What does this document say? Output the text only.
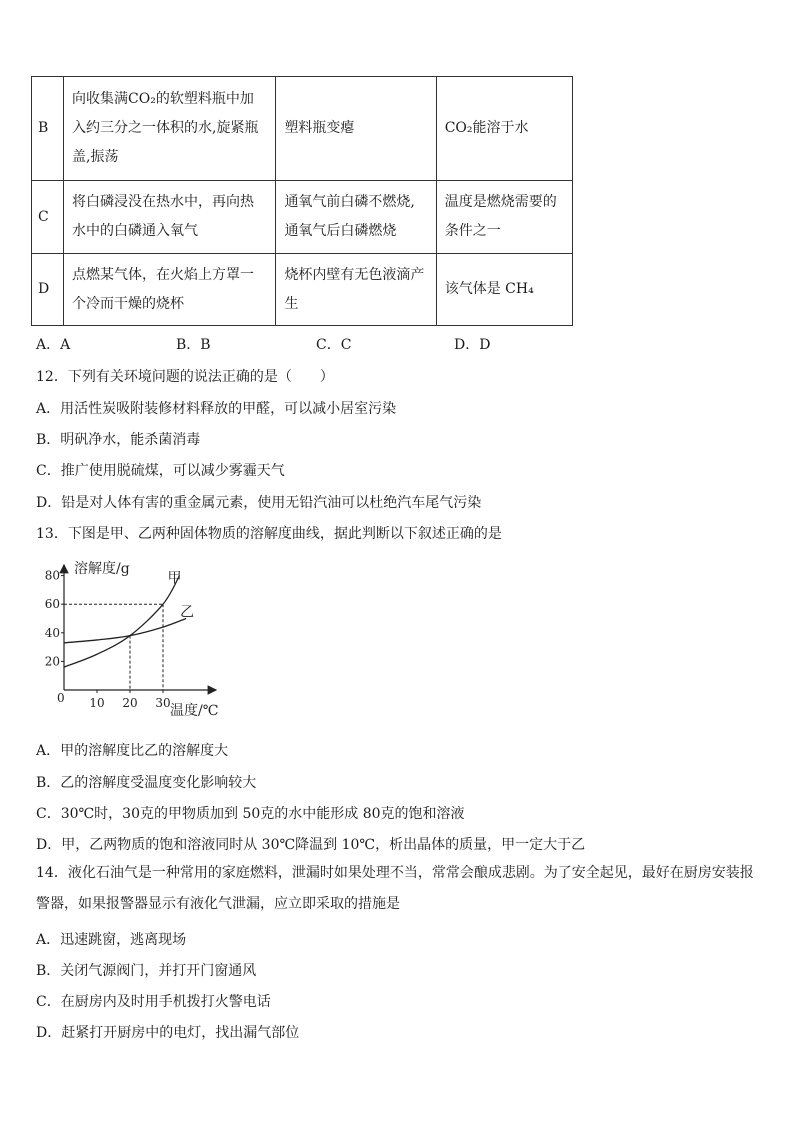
B	向收集满CO₂的软塑料瓶中加入约三分之一体积的水,旋紧瓶盖,振荡	塑料瓶变瘪	CO₂能溶于水
C	将白磷浸没在热水中，再向热水中的白磷通入氧气	通氧气前白磷不燃烧,通氧气后白磷燃烧	温度是燃烧需要的条件之一
D	点燃某气体，在火焰上方罩一个冷而干燥的烧杯	烧杯内壁有无色液滴产生	该气体是 CH₄
A．A	B．B	C．C	D．D
12．下列有关环境问题的说法正确的是（　　）
A．用活性炭吸附装修材料释放的甲醛，可以减小居室污染
B．明矾净水，能杀菌消毒
C．推广使用脱硫煤，可以减少雾霾天气
D．铅是对人体有害的重金属元素，使用无铅汽油可以杜绝汽车尾气污染
13．下图是甲、乙两种固体物质的溶解度曲线，据此判断以下叙述正确的是
溶解度/g
温度/℃
0
20
40
60
80
10 20 30
甲
乙
A．甲的溶解度比乙的溶解度大
B．乙的溶解度受温度变化影响较大
C．30℃时，30克的甲物质加到 50克的水中能形成 80克的饱和溶液
D．甲，乙两物质的饱和溶液同时从 30℃降温到 10℃，析出晶体的质量，甲一定大于乙
14．液化石油气是一种常用的家庭燃料，泄漏时如果处理不当，常常会酿成悲剧。为了安全起见，最好在厨房安装报警器，如果报警器显示有液化气泄漏，应立即采取的措施是
A．迅速跳窗，逃离现场
B．关闭气源阀门，并打开门窗通风
C．在厨房内及时用手机拨打火警电话
D．赶紧打开厨房中的电灯，找出漏气部位
